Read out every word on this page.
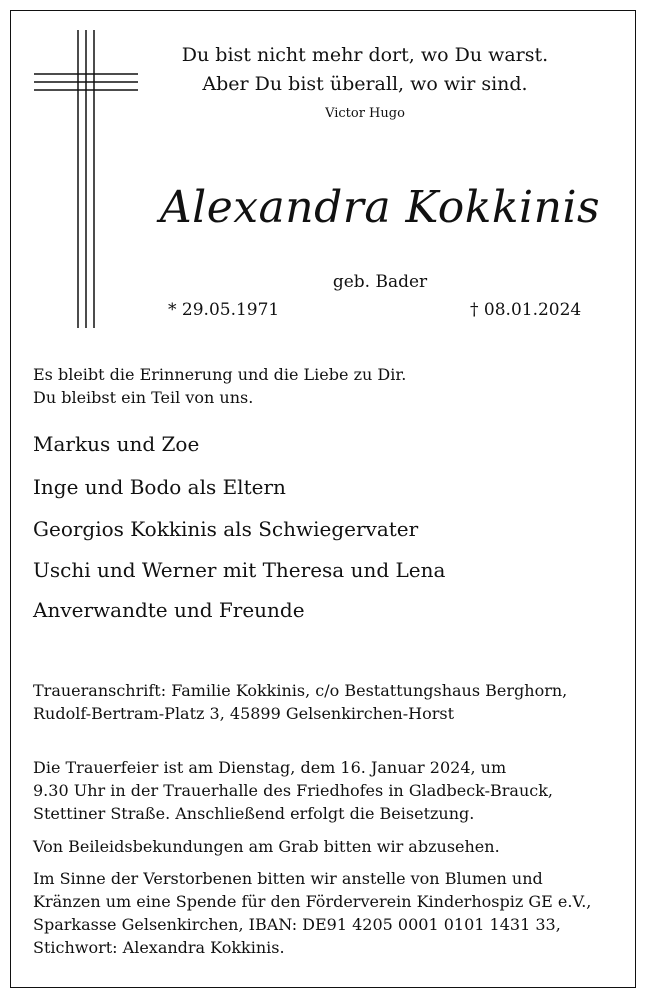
Du bist nicht mehr dort, wo Du warst.
Aber Du bist überall, wo wir sind.
Victor Hugo
Alexandra Kokkinis
geb. Bader
* 29.05.1971	† 08.01.2024
Es bleibt die Erinnerung und die Liebe zu Dir.
Du bleibst ein Teil von uns.
Markus und Zoe
Inge und Bodo als Eltern
Georgios Kokkinis als Schwiegervater
Uschi und Werner mit Theresa und Lena
Anverwandte und Freunde
Traueranschrift: Familie Kokkinis, c/o Bestattungshaus Berghorn,
Rudolf-Bertram-Platz 3, 45899 Gelsenkirchen-Horst
Die Trauerfeier ist am Dienstag, dem 16. Januar 2024, um
9.30 Uhr in der Trauerhalle des Friedhofes in Gladbeck-Brauck,
Stettiner Straße. Anschließend erfolgt die Beisetzung.
Von Beileidsbekundungen am Grab bitten wir abzusehen.
Im Sinne der Verstorbenen bitten wir anstelle von Blumen und
Kränzen um eine Spende für den Förderverein Kinderhospiz GE e.V.,
Sparkasse Gelsenkirchen, IBAN: DE91 4205 0001 0101 1431 33,
Stichwort: Alexandra Kokkinis.
